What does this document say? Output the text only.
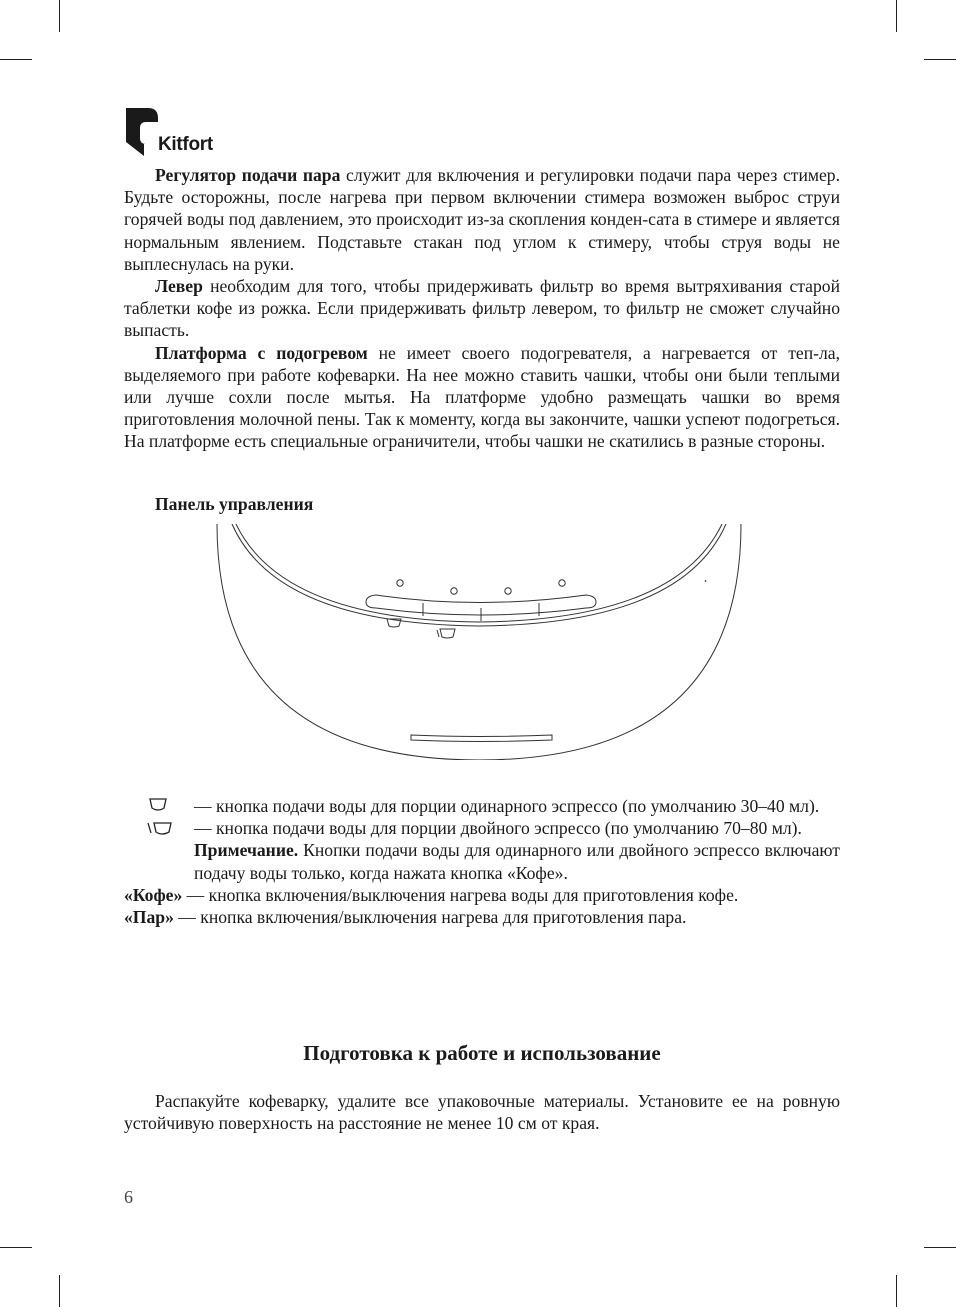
Kitfort

Регулятор подачи пара служит для включения и регулировки подачи пара через стимер. Будьте осторожны, после нагрева при первом включении стимера возможен выброс струи горячей воды под давлением, это происходит из-за скопления конден-сата в стимере и является нормальным явлением. Подставьте стакан под углом к стимеру, чтобы струя воды не выплеснулась на руки.

Левер необходим для того, чтобы придерживать фильтр во время вытряхивания старой таблетки кофе из рожка. Если придерживать фильтр левером, то фильтр не сможет случайно выпасть.

Платформа с подогревом не имеет своего подогревателя, а нагревается от теп-ла, выделяемого при работе кофеварки. На нее можно ставить чашки, чтобы они были теплыми или лучше сохли после мытья. На платформе удобно размещать чашки во время приготовления молочной пены. Так к моменту, когда вы закончите, чашки успеют подогреться. На платформе есть специальные ограничители, чтобы чашки не скатились в разные стороны.

Панель управления
— кнопка подачи воды для порции одинарного эспрессо (по умолчанию 30–40 мл).
— кнопка подачи воды для порции двойного эспрессо (по умолчанию 70–80 мл).
Примечание. Кнопки подачи воды для одинарного или двойного эспрессо включают подачу воды только, когда нажата кнопка «Кофе».

«Кофе» — кнопка включения/выключения нагрева воды для приготовления кофе.

«Пар» — кнопка включения/выключения нагрева для приготовления пара.

Подготовка к работе и использование

Распакуйте кофеварку, удалите все упаковочные материалы. Установите ее на ровную устойчивую поверхность на расстояние не менее 10 см от края.

6
